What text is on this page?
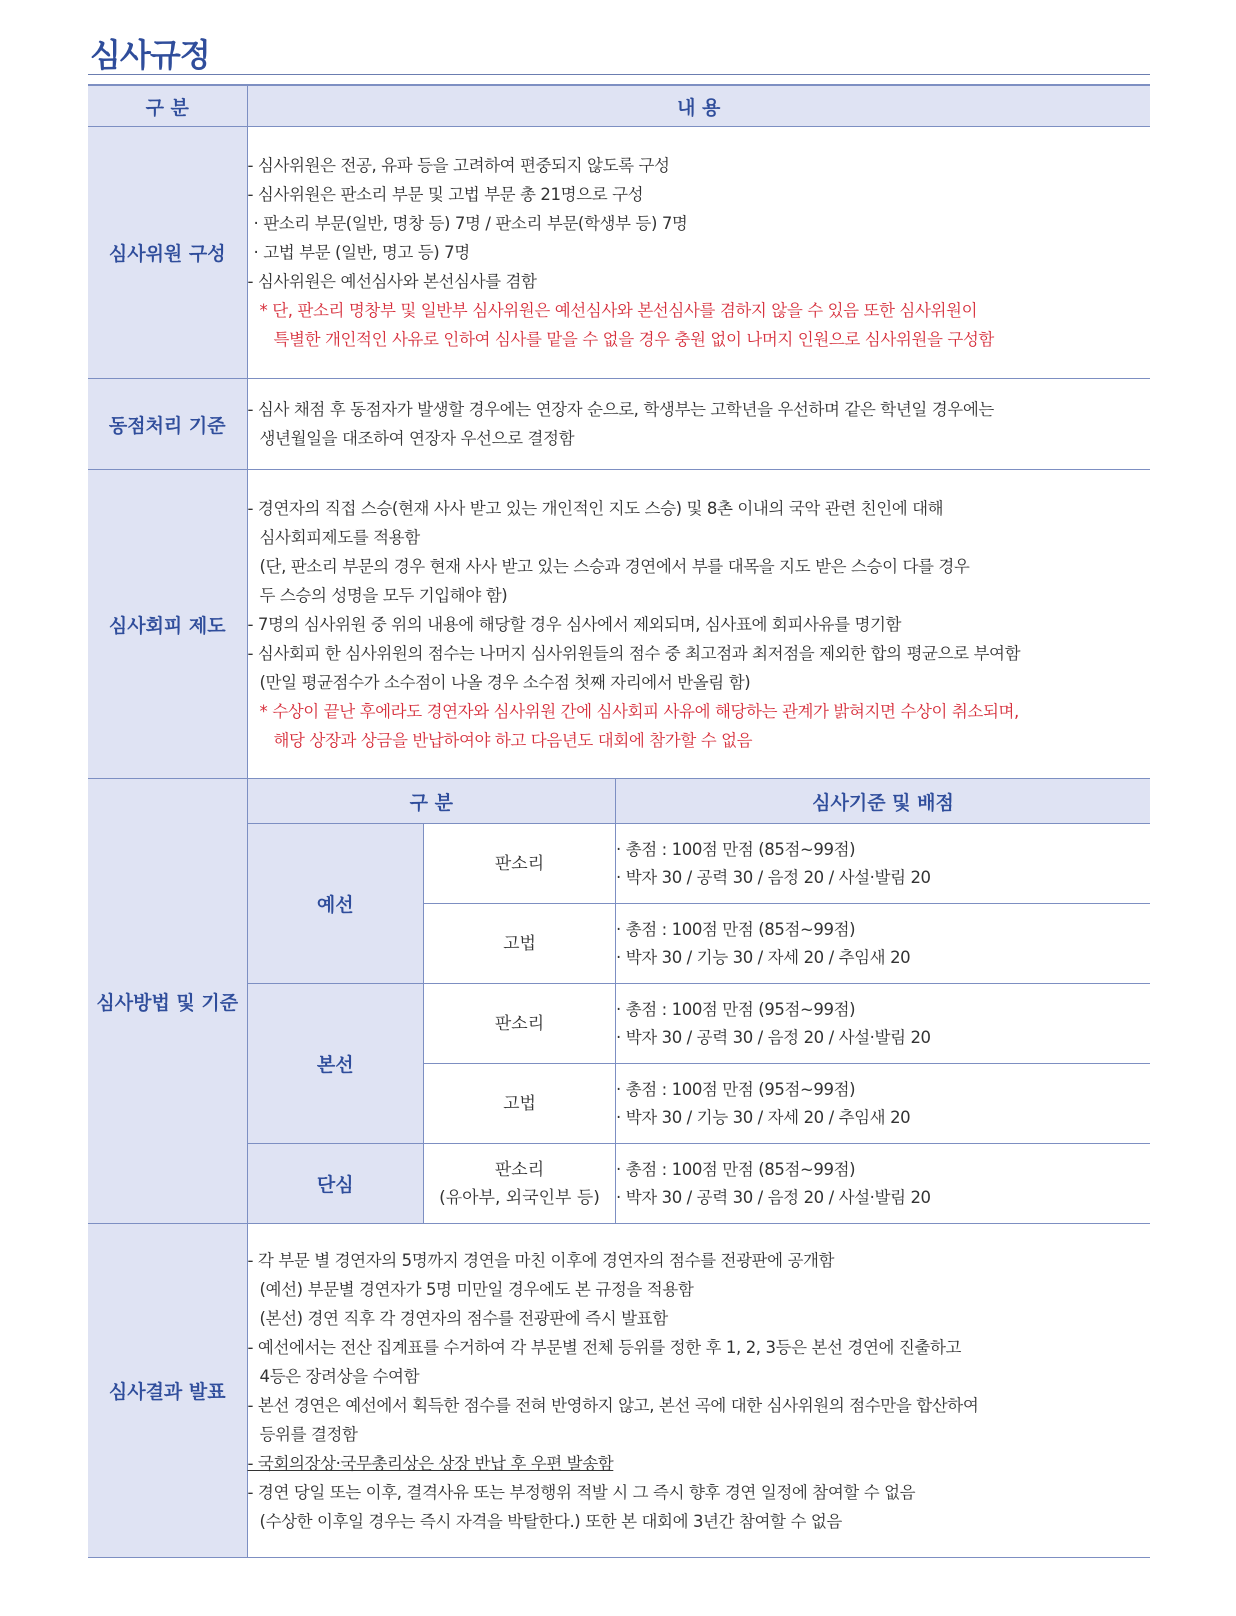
심사규정
구 분	내 용
심사위원 구성	
- 심사위원은 전공, 유파 등을 고려하여 편중되지 않도록 구성
- 심사위원은 판소리 부문 및 고법 부문 총 21명으로 구성
· 판소리 부문(일반, 명창 등) 7명 / 판소리 부문(학생부 등) 7명
· 고법 부문 (일반, 명고 등) 7명
- 심사위원은 예선심사와 본선심사를 겸함
* 단, 판소리 명창부 및 일반부 심사위원은 예선심사와 본선심사를 겸하지 않을 수 있음 또한 심사위원이
특별한 개인적인 사유로 인하여 심사를 맡을 수 없을 경우 충원 없이 나머지 인원으로 심사위원을 구성함

동점처리 기준	
- 심사 채점 후 동점자가 발생할 경우에는 연장자 순으로, 학생부는 고학년을 우선하며 같은 학년일 경우에는
생년월일을 대조하여 연장자 우선으로 결정함

심사회피 제도	
- 경연자의 직접 스승(현재 사사 받고 있는 개인적인 지도 스승) 및 8촌 이내의 국악 관련 친인에 대해
심사회피제도를 적용함
(단, 판소리 부문의 경우 현재 사사 받고 있는 스승과 경연에서 부를 대목을 지도 받은 스승이 다를 경우
두 스승의 성명을 모두 기입해야 함)
- 7명의 심사위원 중 위의 내용에 해당할 경우 심사에서 제외되며, 심사표에 회피사유를 명기함
- 심사회피 한 심사위원의 점수는 나머지 심사위원들의 점수 중 최고점과 최저점을 제외한 합의 평균으로 부여함
(만일 평균점수가 소수점이 나올 경우 소수점 첫째 자리에서 반올림 함)
* 수상이 끝난 후에라도 경연자와 심사위원 간에 심사회피 사유에 해당하는 관계가 밝혀지면 수상이 취소되며,
해당 상장과 상금을 반납하여야 하고 다음년도 대회에 참가할 수 없음

심사방법 및 기준	
구 분	심사기준 및 배점
예선	판소리	
· 총점 : 100점 만점 (85점~99점)
· 박자 30 / 공력 30 / 음정 20 / 사설·발림 20

고법	
· 총점 : 100점 만점 (85점~99점)
· 박자 30 / 기능 30 / 자세 20 / 추임새 20

본선	판소리	
· 총점 : 100점 만점 (95점~99점)
· 박자 30 / 공력 30 / 음정 20 / 사설·발림 20

고법	
· 총점 : 100점 만점 (95점~99점)
· 박자 30 / 기능 30 / 자세 20 / 추임새 20

단심	
판소리
(유아부, 외국인부 등)

· 총점 : 100점 만점 (85점~99점)
· 박자 30 / 공력 30 / 음정 20 / 사설·발림 20

심사결과 발표	
- 각 부문 별 경연자의 5명까지 경연을 마친 이후에 경연자의 점수를 전광판에 공개함
(예선) 부문별 경연자가 5명 미만일 경우에도 본 규정을 적용함
(본선) 경연 직후 각 경연자의 점수를 전광판에 즉시 발표함
- 예선에서는 전산 집계표를 수거하여 각 부문별 전체 등위를 정한 후 1, 2, 3등은 본선 경연에 진출하고
4등은 장려상을 수여함
- 본선 경연은 예선에서 획득한 점수를 전혀 반영하지 않고, 본선 곡에 대한 심사위원의 점수만을 합산하여
등위를 결정함
- 국회의장상·국무총리상은 상장 반납 후 우편 발송함
- 경연 당일 또는 이후, 결격사유 또는 부정행위 적발 시 그 즉시 향후 경연 일정에 참여할 수 없음
(수상한 이후일 경우는 즉시 자격을 박탈한다.) 또한 본 대회에 3년간 참여할 수 없음
